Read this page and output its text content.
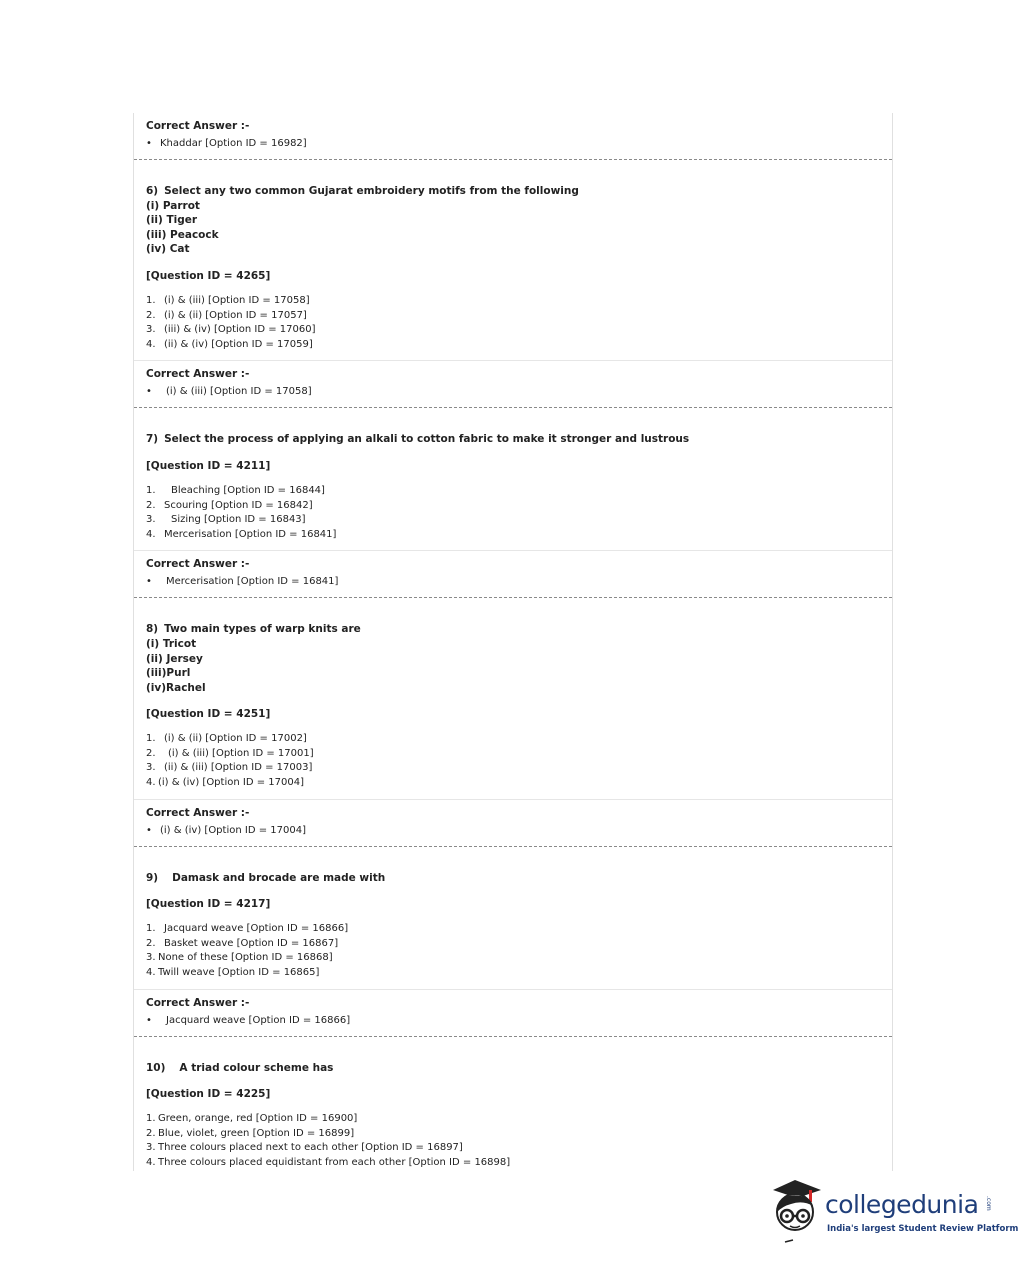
Correct Answer :-

• Khaddar [Option ID = 16982]
6) Select any two common Gujarat embroidery motifs from the following
(i) Parrot
(ii) Tiger
(iii) Peacock
(iv) Cat
[Question ID = 4265]
1. (i) & (iii) [Option ID = 17058]
2. (i) & (ii) [Option ID = 17057]
3. (iii) & (iv) [Option ID = 17060]
4. (ii) & (iv) [Option ID = 17059]

Correct Answer :-

• (i) & (iii) [Option ID = 17058]
7) Select the process of applying an alkali to cotton fabric to make it stronger and lustrous
[Question ID = 4211]
1. Bleaching [Option ID = 16844]
2. Scouring [Option ID = 16842]
3. Sizing [Option ID = 16843]
4. Mercerisation [Option ID = 16841]

Correct Answer :-

• Mercerisation [Option ID = 16841]
8) Two main types of warp knits are
(i) Tricot
(ii) Jersey
(iii)Purl
(iv)Rachel
[Question ID = 4251]
1. (i) & (ii) [Option ID = 17002]
2. (i) & (iii) [Option ID = 17001]
3. (ii) & (iii) [Option ID = 17003]
4. (i) & (iv) [Option ID = 17004]

Correct Answer :-

• (i) & (iv) [Option ID = 17004]
9) Damask and brocade are made with
[Question ID = 4217]
1. Jacquard weave [Option ID = 16866]
2. Basket weave [Option ID = 16867]
3. None of these [Option ID = 16868]
4. Twill weave [Option ID = 16865]

Correct Answer :-

• Jacquard weave [Option ID = 16866]
10) A triad colour scheme has
[Question ID = 4225]
1. Green, orange, red [Option ID = 16900]
2. Blue, violet, green [Option ID = 16899]
3. Three colours placed next to each other [Option ID = 16897]
4. Three colours placed equidistant from each other [Option ID = 16898]
collegedunia .com
India's largest Student Review Platform
